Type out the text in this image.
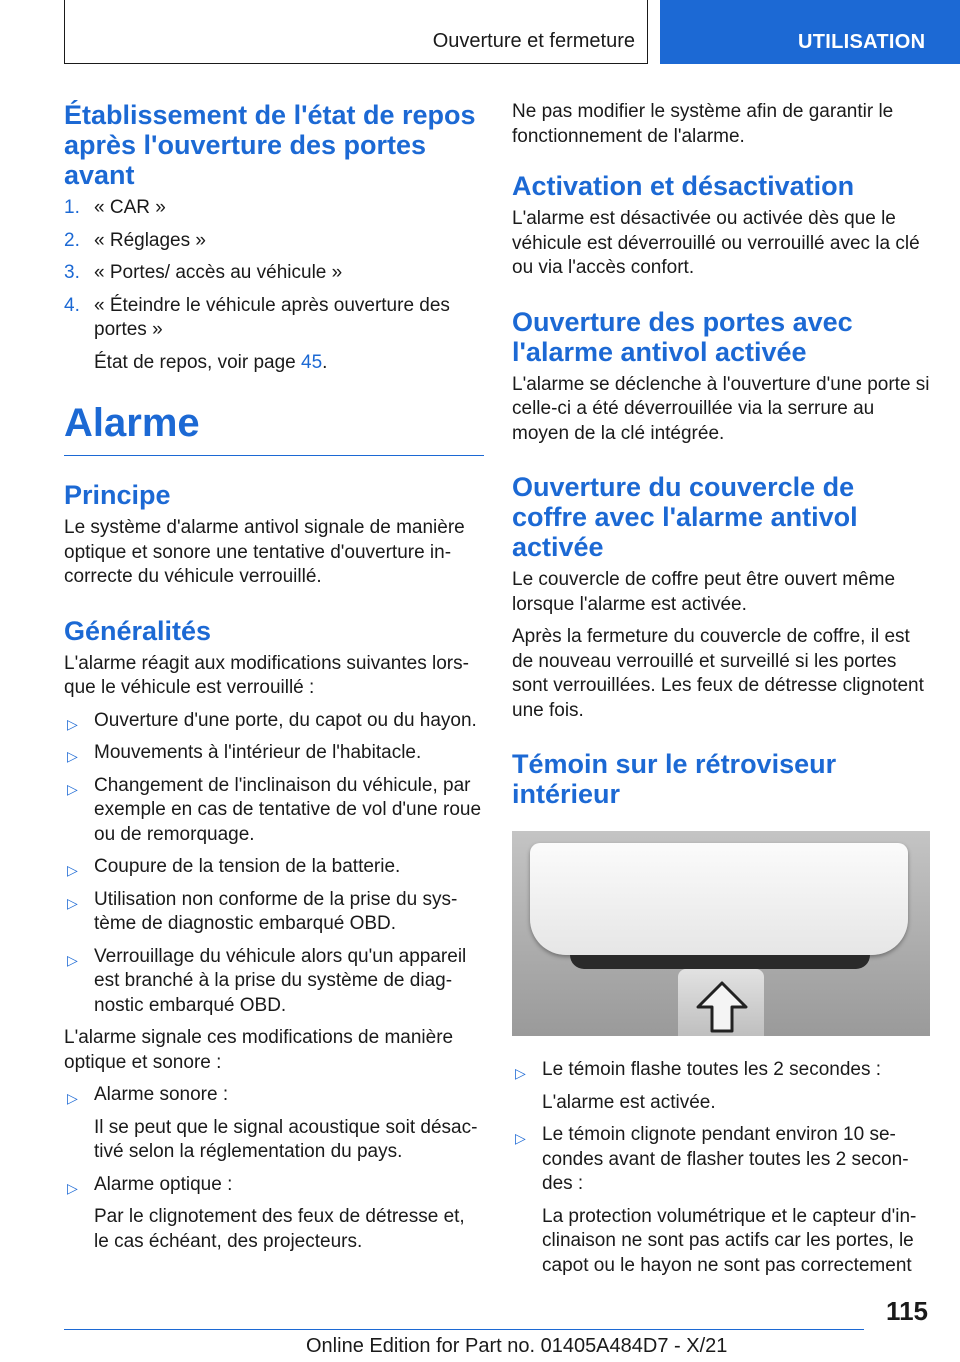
Ouverture et fermeture	UTILISATION
Établissement de l'état de repos après l'ouverture des portes avant
1. « CAR »
2. « Réglages »
3. « Portes/ accès au véhicule »
4. « Éteindre le véhicule après ouverture des portes »
État de repos, voir page 45.
Alarme
Principe

Le système d'alarme antivol signale de manière optique et sonore une tentative d'ouverture incorrecte du véhicule verrouillé.

Généralités

L'alarme réagit aux modifications suivantes lorsque le véhicule est verrouillé :

▷ Ouverture d'une porte, du capot ou du hayon.
▷ Mouvements à l'intérieur de l'habitacle.
▷ Changement de l'inclinaison du véhicule, par exemple en cas de tentative de vol d'une roue ou de remorquage.
▷ Coupure de la tension de la batterie.
▷ Utilisation non conforme de la prise du système de diagnostic embarqué OBD.
▷ Verrouillage du véhicule alors qu'un appareil est branché à la prise du système de diagnostic embarqué OBD.

L'alarme signale ces modifications de manière optique et sonore :

▷ Alarme sonore :
Il se peut que le signal acoustique soit désactivé selon la réglementation du pays.
▷ Alarme optique :
Par le clignotement des feux de détresse et, le cas échéant, des projecteurs.

Ne pas modifier le système afin de garantir le fonctionnement de l'alarme.

Activation et désactivation

L'alarme est désactivée ou activée dès que le véhicule est déverrouillé ou verrouillé avec la clé ou via l'accès confort.

Ouverture des portes avec l'alarme antivol activée

L'alarme se déclenche à l'ouverture d'une porte si celle-ci a été déverrouillée via la serrure au moyen de la clé intégrée.

Ouverture du couvercle de coffre avec l'alarme antivol activée

Le couvercle de coffre peut être ouvert même lorsque l'alarme est activée.

Après la fermeture du couvercle de coffre, il est de nouveau verrouillé et surveillé si les portes sont verrouillées. Les feux de détresse clignotent une fois.

Témoin sur le rétroviseur intérieur
▷ Le témoin flashe toutes les 2 secondes :
L'alarme est activée.
▷ Le témoin clignote pendant environ 10 secondes avant de flasher toutes les 2 secondes :
La protection volumétrique et le capteur d'inclinaison ne sont pas actifs car les portes, le capot ou le hayon ne sont pas correctement
115
Online Edition for Part no. 01405A484D7 - X/21
